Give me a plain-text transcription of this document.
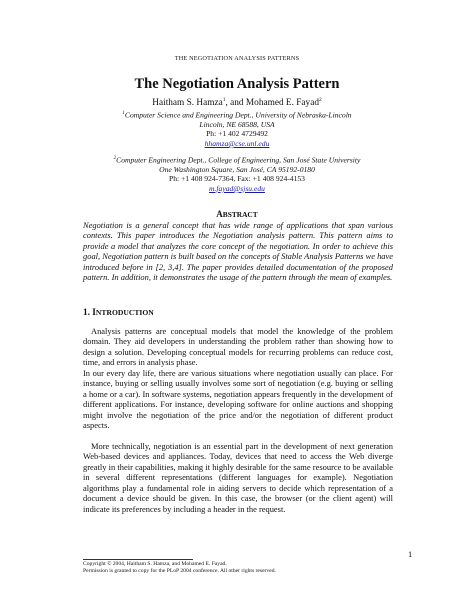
THE NEGOTIATION ANALYSIS PATTERNS
The Negotiation Analysis Pattern
Haitham S. Hamza$^1$, and Mohamed E. Fayad$^2$
$^1$Computer Science and Engineering Dept., University of Nebraska-Lincoln
Lincoln, NE 68588, USA
Ph: +1 402 4729492
hhamza@cse.unl.edu
$^2$Computer Engineering Dept., College of Engineering, San José State University
One Washington Square, San José, CA 95192-0180
Ph: +1 408 924-7364, Fax: +1 408 924-4153
m.fayad@sjsu.edu
ABSTRACT
Negotiation is a general concept that has wide range of applications that span various contexts. This paper introduces the Negotiation analysis pattern. This pattern aims to provide a model that analyzes the core concept of the negotiation. In order to achieve this goal, Negotiation pattern is built based on the concepts of Stable Analysis Patterns we have introduced before in [2, 3,4]. The paper provides detailed documentation of the proposed pattern. In addition, it demonstrates the usage of the pattern through the mean of examples.
1. INTRODUCTION
Analysis patterns are conceptual models that model the knowledge of the problem domain. They aid developers in understanding the problem rather than showing how to design a solution. Developing conceptual models for recurring problems can reduce cost, time, and errors in analysis phase.
In our every day life, there are various situations where negotiation usually can place. For instance, buying or selling usually involves some sort of negotiation (e.g. buying or selling a home or a car). In software systems, negotiation appears frequently in the development of different applications. For instance, developing software for online auctions and shopping might involve the negotiation of the price and/or the negotiation of different product aspects.
More technically, negotiation is an essential part in the development of next generation Web-based devices and appliances. Today, devices that need to access the Web diverge greatly in their capabilities, making it highly desirable for the same resource to be available in several different representations (different languages for example). Negotiation algorithms play a fundamental role in aiding servers to decide which representation of a document a device should be given. In this case, the browser (or the client agent) will indicate its preferences by including a header in the request.
1
Copyright © 2004, Haitham S. Hamza, and Mohamed E. Fayad.
Permission is granted to copy for the PLoP 2004 conference. All other rights reserved.
